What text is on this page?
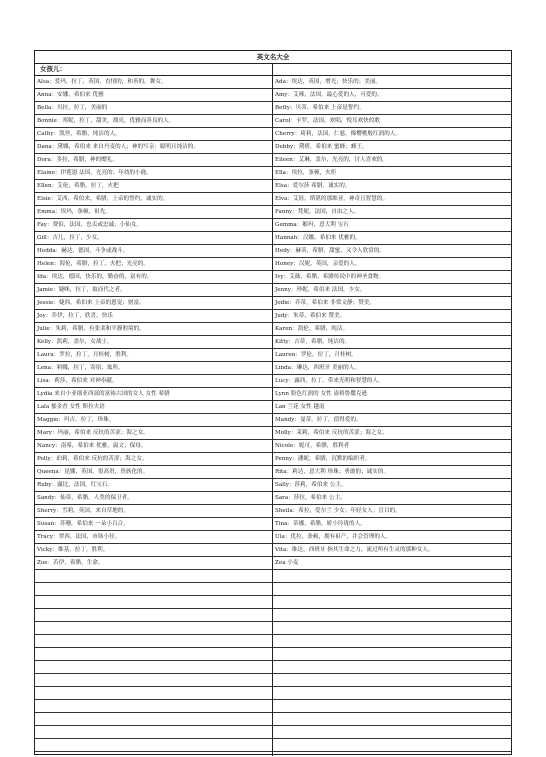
英文名大全
女孩儿：
Alsa：爱玛，拉丁，英国，直情的，和善的，舞女。
Anna：安娜，希伯来 优雅
Bella：贝拉，拉丁，美丽的
Bonnie：邦妮，拉丁，甜美，漂亮，优雅而善良的人。
Cathy：凯丝，希腊，纯洁的人。
Dana：黛娜，希伯来 来自丹麦的人；神的写亲：聪明且纯洁的。
Dora：多拉，希腊，神的赠礼。
Elaine：伊莲恩 法国，光亮的；年幼的小鹿。
Ellen：艾伦，希腊，拉丁，火把
Elsie：艾西，希伯来，希腊，上帝的誓约，诚实的。
Emma：埃玛，条顿，祖先。
Fay：费伯，法国，忠贞或忠诚；小仙女。
Gill：吉儿，拉丁，少女。
Hedda：赫达，德国，斗争或战斗。
Helen：海伦，希腊，拉丁，火把；光亮的。
Ida：埃达，德国，快乐的，勤奋的，富有的。
Jamie：婕咪，拉丁，取而代之者。
Jessie：婕西，希伯来 上帝的恩宠；财富。
Joy：乔伊，拉丁，欣喜，快乐
Julie：朱莉，希腊，有张柔和平静腔境的。
Kelly：凯莉，盖尔，女战士。
Laura：罗拉，拉丁，月桂树，胜利。
Lena：莉娜，拉丁，寄宿；寓所。
Lisa：莉莎，希伯来 对神奉献。
Lydia 来自小亚细亚西部的富裕古国的女人 女性 希腊
Lala 郁金香 女性 斯拉夫语
Maggie：玛吉，拉丁，珍珠。
Mary：玛丽，希伯来 反抗的苦涩；海之女。
Nancy：南希，希伯来 优雅，温文；保母。
Polly：珀莉，希伯来 反抗的苦涩；海之女。
Queena：昆娜，英国，很高贵，贵族化的。
Ruby：露比，法国，红宝石。
Sandy：仙蒂，希腊，人类的保卫者。
Sherry：雪莉，英国，来自草地的。
Susan：苏珊，希伯来 一朵小百合。
Tracy：翠西，法国，市场小径。
Vicky：维基，拉丁，胜利。
Zoe：若伊，希腊，生命。
Ada：埃达，英国，增光；快乐的；美丽。
Amy：艾咪，法国，最心爱的人，可爱的。
Betty：贝蒂，希伯来 上帝是誓约。
Carol：卡罗，法国，欢唱，悦耳欢快的歌
Cherry：琦莉，法国，仁慈，像樱桃般红润的人。
Debby：黛碧，希伯来 蜜蜂；蜂王。
Eileen：艾琳，盖尔，光亮的，讨人喜欢的。
Ella：埃拉，条顿，火炬
Elsa：爱尔莎 希腊，诚实的。
Elva：艾娃，斯堪的那维亚，神奇且智慧的。
Fanny：梵妮，法国，自由之人。
Gemma：姬玛，意大利 宝石
Hannah：汉娜，希伯来 优雅的。
Hedy：赫蒂，希腊，甜蜜，又令人欣赏的。
Honey：汉妮，英国，亲爱的人。
Ivy：艾薇，希腊，希腊传说中的神圣食物。
Jenny：珍妮，希伯来 法国，少女。
Jodie：乔蒂，希伯来 非常文静；赞美。
Judy：朱蒂，希伯来 赞美。
Karen：凯伦，希腊，纯洁。
Kitty：吉蒂，希腊，纯洁的。
Lauren：罗伦，拉丁，月桂树。
Linda：琳达，西班牙 美丽的人。
Lucy：露西，拉丁，带来光明和智慧的人。
Lynn 脸色红润的 女性 盎格鲁撒克逊
Lan 兰花 女性 越南
Mandy：曼蒂，拉丁，值得爱的。
Molly：茉莉，希伯来 反抗的苦涩；海之女。
Nicole：妮可，希腊，胜利者
Penny：潘妮，希腊，沉默的编织者。
Rita：莉达，意大利 珍珠；勇敢的；诚实的。
Sally：莎莉，希伯来 公主。
Sara：莎拉，希伯来 公主。
Sheila：希拉，爱尔兰 少女；年轻女人；盲目的。
Tina：蒂娜，希腊，娇小玲珑的人。
Ula：优拉，条顿，拥有祖产，并会管理的人。
Vita：维达，西班牙 指其生命之力，流过所有生灵的那种女人。
Zea 小麦
